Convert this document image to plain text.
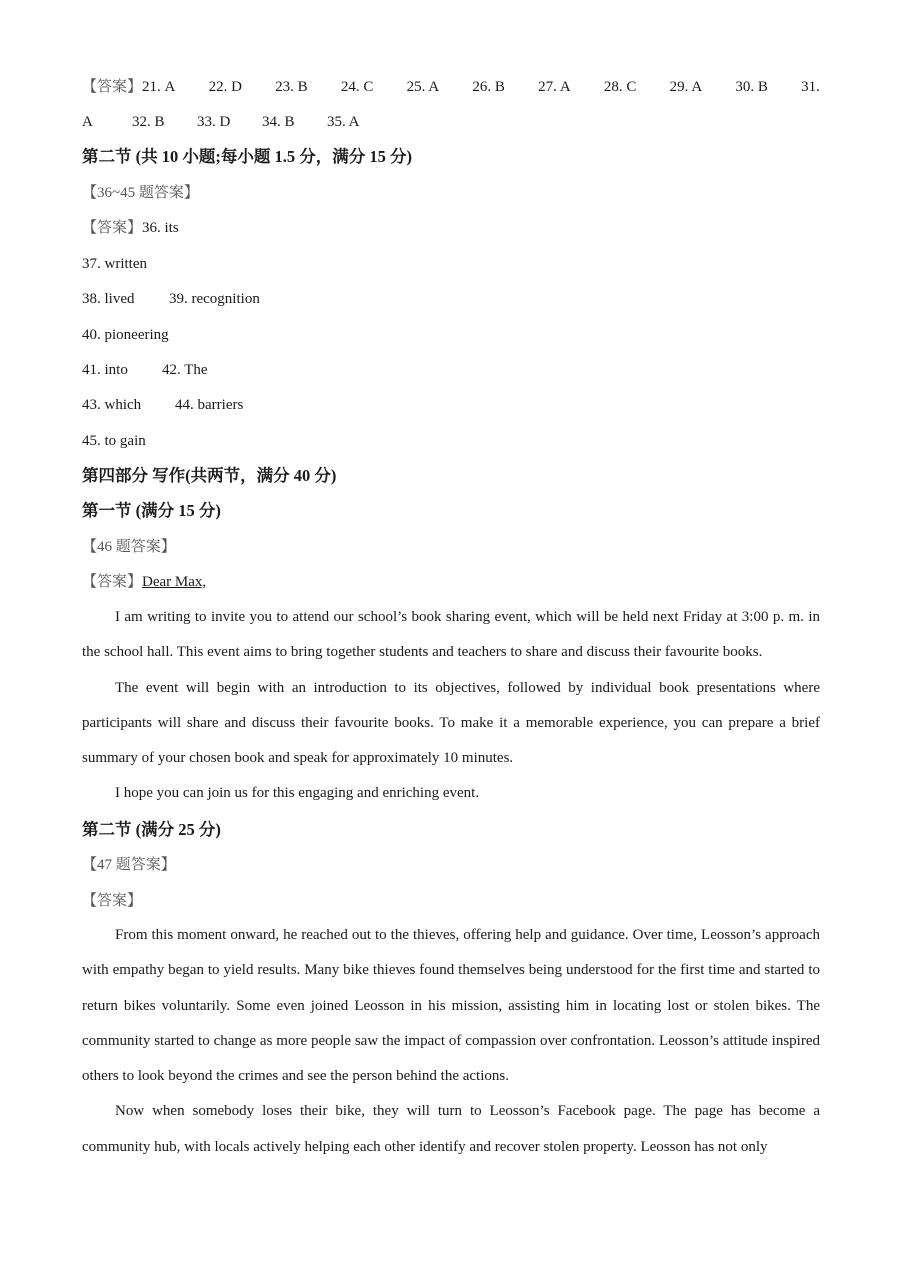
【答案】21. A 22. D 23. B 24. C 25. A 26. B 27. A 28. C 29. A 30. B 31.
A	32. B 33. D 34. B 35. A
第二节 (共 10 小题;每小题 1.5 分，满分 15 分)
【36~45 题答案】
【答案】36. its
37. written
38. lived 39. recognition
40. pioneering
41. into 42. The
43. which 44. barriers
45. to gain
第四部分 写作(共两节，满分 40 分)
第一节 (满分 15 分)
【46 题答案】
【答案】Dear Max,

I am writing to invite you to attend our school’s book sharing event, which will be held next Friday at 3:00 p. m. in the school hall. This event aims to bring together students and teachers to share and discuss their favourite books.

The event will begin with an introduction to its objectives, followed by individual book presentations where participants will share and discuss their favourite books. To make it a memorable experience, you can prepare a brief summary of your chosen book and speak for approximately 10 minutes.

I hope you can join us for this engaging and enriching event.

第二节 (满分 25 分)
【47 题答案】
【答案】

From this moment onward, he reached out to the thieves, offering help and guidance. Over time, Leosson’s approach with empathy began to yield results. Many bike thieves found themselves being understood for the first time and started to return bikes voluntarily. Some even joined Leosson in his mission, assisting him in locating lost or stolen bikes. The community started to change as more people saw the impact of compassion over confrontation. Leosson’s attitude inspired others to look beyond the crimes and see the person behind the actions.

Now when somebody loses their bike, they will turn to Leosson’s Facebook page. The page has become a community hub, with locals actively helping each other identify and recover stolen property. Leosson has not only
